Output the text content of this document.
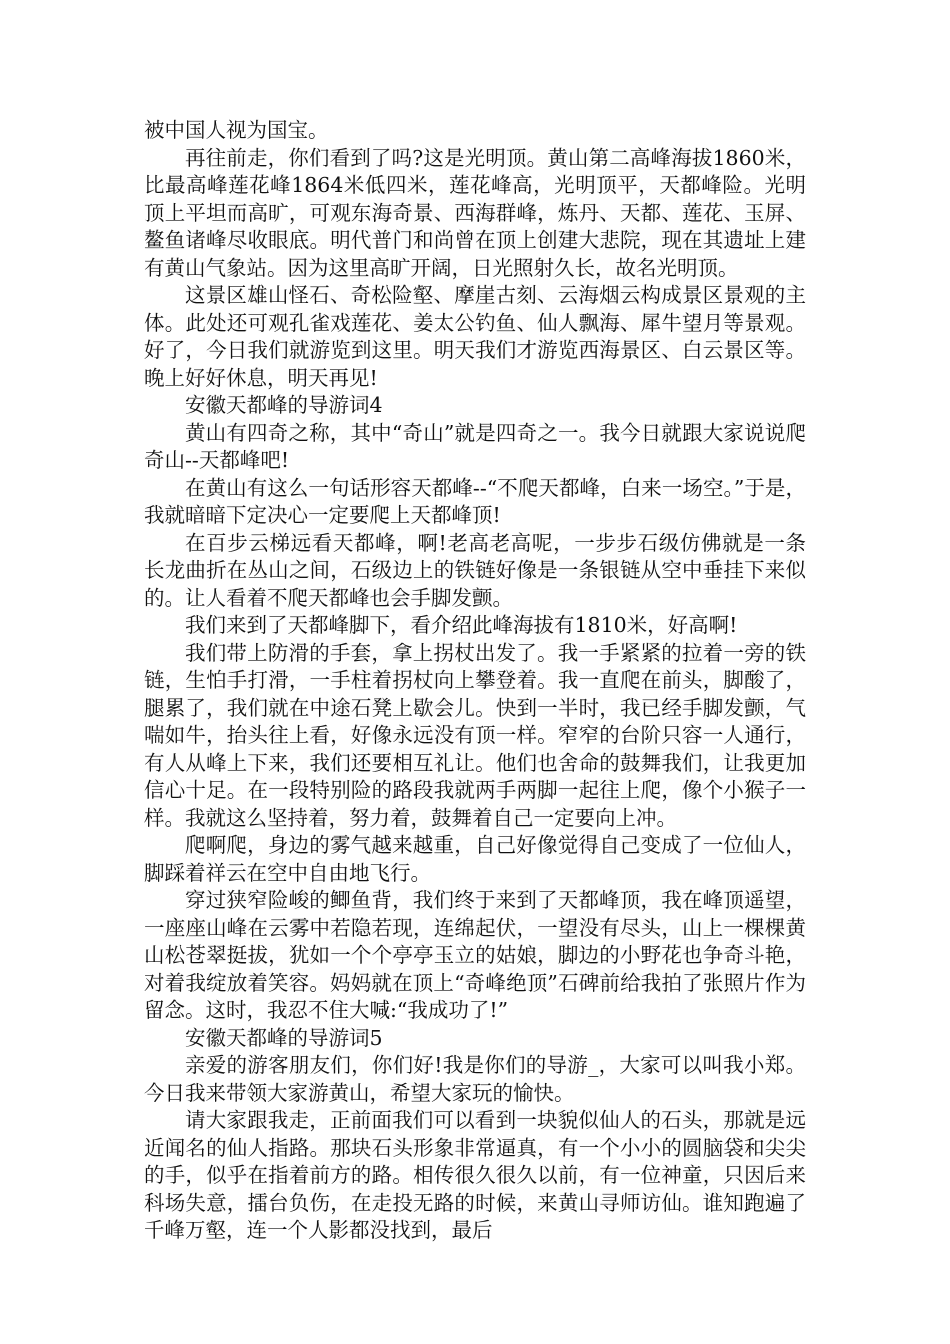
被中国人视为国宝。

再往前走，你们看到了吗?这是光明顶。黄山第二高峰海拔1860米，比最高峰莲花峰1864米低四米，莲花峰高，光明顶平，天都峰险。光明顶上平坦而高旷，可观东海奇景、西海群峰，炼丹、天都、莲花、玉屏、鳌鱼诸峰尽收眼底。明代普门和尚曾在顶上创建大悲院，现在其遗址上建有黄山气象站。因为这里高旷开阔，日光照射久长，故名光明顶。

这景区雄山怪石、奇松险壑、摩崖古刻、云海烟云构成景区景观的主体。此处还可观孔雀戏莲花、姜太公钓鱼、仙人飘海、犀牛望月等景观。好了，今日我们就游览到这里。明天我们才游览西海景区、白云景区等。晚上好好休息，明天再见!

安徽天都峰的导游词4

黄山有四奇之称，其中“奇山”就是四奇之一。我今日就跟大家说说爬奇山--天都峰吧!

在黄山有这么一句话形容天都峰--“不爬天都峰，白来一场空。”于是，我就暗暗下定决心一定要爬上天都峰顶!

在百步云梯远看天都峰，啊!老高老高呢，一步步石级仿佛就是一条长龙曲折在丛山之间，石级边上的铁链好像是一条银链从空中垂挂下来似的。让人看着不爬天都峰也会手脚发颤。

我们来到了天都峰脚下，看介绍此峰海拔有1810米，好高啊!

我们带上防滑的手套，拿上拐杖出发了。我一手紧紧的拉着一旁的铁链，生怕手打滑，一手柱着拐杖向上攀登着。我一直爬在前头，脚酸了，腿累了，我们就在中途石凳上歇会儿。快到一半时，我已经手脚发颤，气喘如牛，抬头往上看，好像永远没有顶一样。窄窄的台阶只容一人通行，有人从峰上下来，我们还要相互礼让。他们也舍命的鼓舞我们，让我更加信心十足。在一段特别险的路段我就两手两脚一起往上爬，像个小猴子一样。我就这么坚持着，努力着，鼓舞着自己一定要向上冲。

爬啊爬，身边的雾气越来越重，自己好像觉得自己变成了一位仙人，脚踩着祥云在空中自由地飞行。

穿过狭窄险峻的鲫鱼背，我们终于来到了天都峰顶，我在峰顶遥望，一座座山峰在云雾中若隐若现，连绵起伏，一望没有尽头，山上一棵棵黄山松苍翠挺拔，犹如一个个亭亭玉立的姑娘，脚边的小野花也争奇斗艳，对着我绽放着笑容。妈妈就在顶上“奇峰绝顶”石碑前给我拍了张照片作为留念。这时，我忍不住大喊:“我成功了!”

安徽天都峰的导游词5

亲爱的游客朋友们，你们好!我是你们的导游_，大家可以叫我小郑。今日我来带领大家游黄山，希望大家玩的愉快。

请大家跟我走，正前面我们可以看到一块貌似仙人的石头，那就是远近闻名的仙人指路。那块石头形象非常逼真，有一个小小的圆脑袋和尖尖的手，似乎在指着前方的路。相传很久很久以前，有一位神童，只因后来科场失意，擂台负伤，在走投无路的时候，来黄山寻师访仙。谁知跑遍了千峰万壑，连一个人影都没找到，最后
